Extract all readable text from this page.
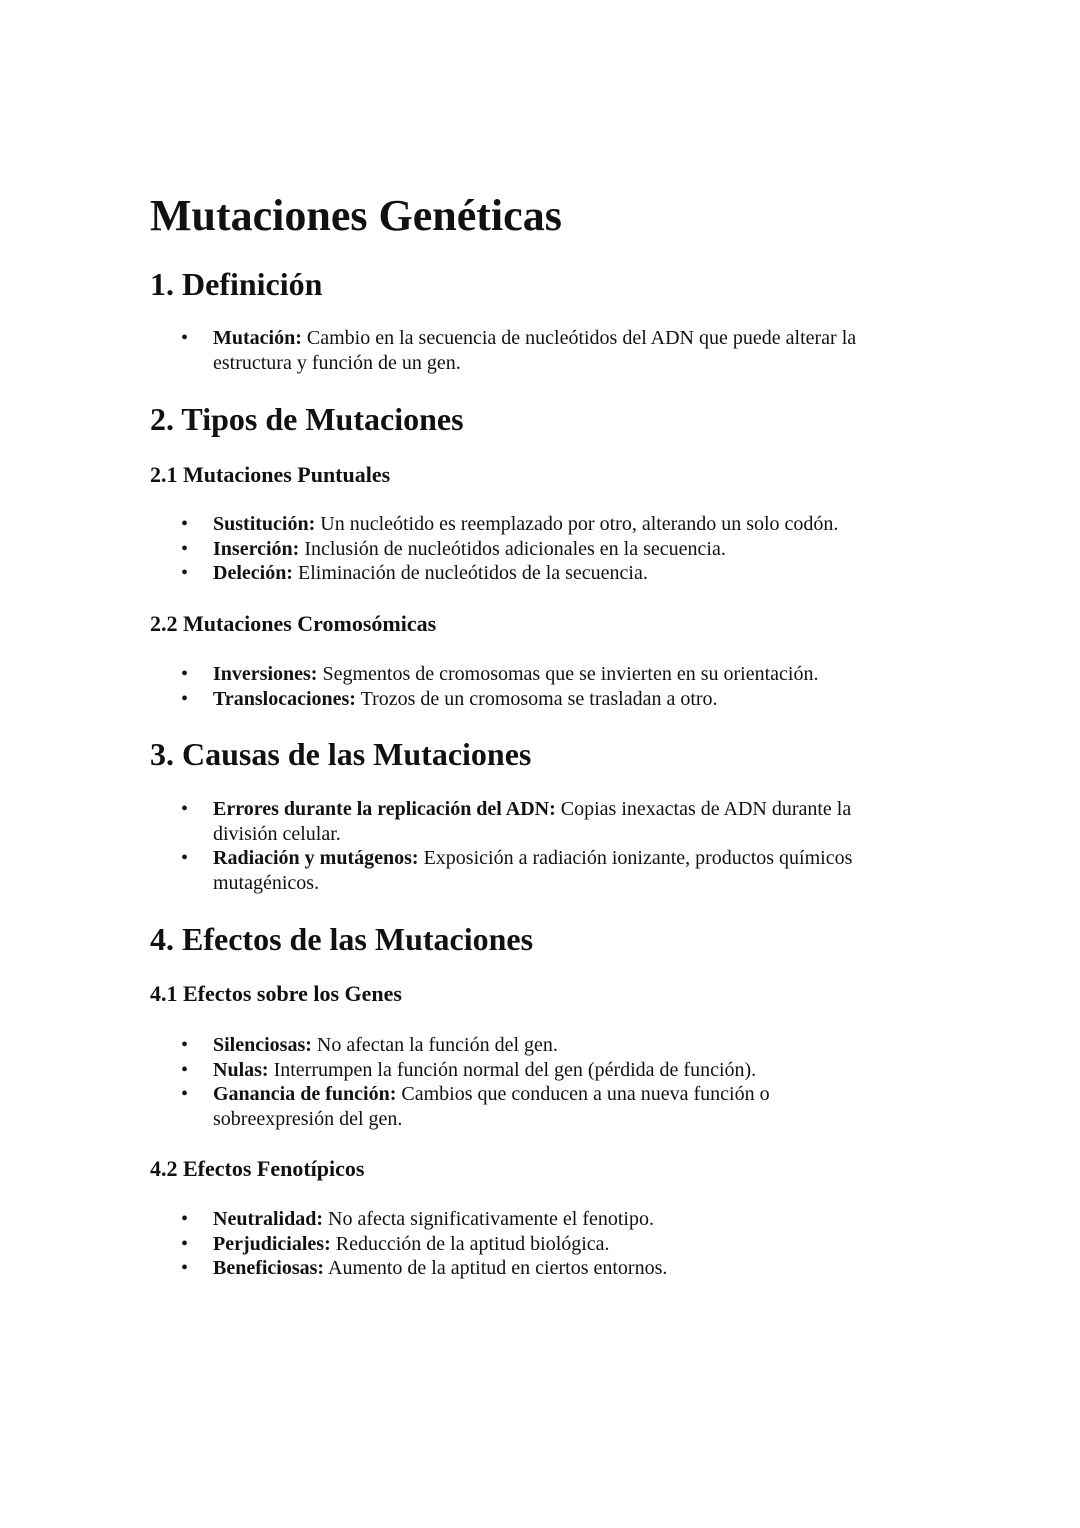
Mutaciones Genéticas
1. Definición
• Mutación: Cambio en la secuencia de nucleótidos del ADN que puede alterar la estructura y función de un gen.
2. Tipos de Mutaciones
2.1 Mutaciones Puntuales
• Sustitución: Un nucleótido es reemplazado por otro, alterando un solo codón.
• Inserción: Inclusión de nucleótidos adicionales en la secuencia.
• Deleción: Eliminación de nucleótidos de la secuencia.
2.2 Mutaciones Cromosómicas
• Inversiones: Segmentos de cromosomas que se invierten en su orientación.
• Translocaciones: Trozos de un cromosoma se trasladan a otro.
3. Causas de las Mutaciones
• Errores durante la replicación del ADN: Copias inexactas de ADN durante la división celular.
• Radiación y mutágenos: Exposición a radiación ionizante, productos químicos mutagénicos.
4. Efectos de las Mutaciones
4.1 Efectos sobre los Genes
• Silenciosas: No afectan la función del gen.
• Nulas: Interrumpen la función normal del gen (pérdida de función).
• Ganancia de función: Cambios que conducen a una nueva función o sobreexpresión del gen.
4.2 Efectos Fenotípicos
• Neutralidad: No afecta significativamente el fenotipo.
• Perjudiciales: Reducción de la aptitud biológica.
• Beneficiosas: Aumento de la aptitud en ciertos entornos.
